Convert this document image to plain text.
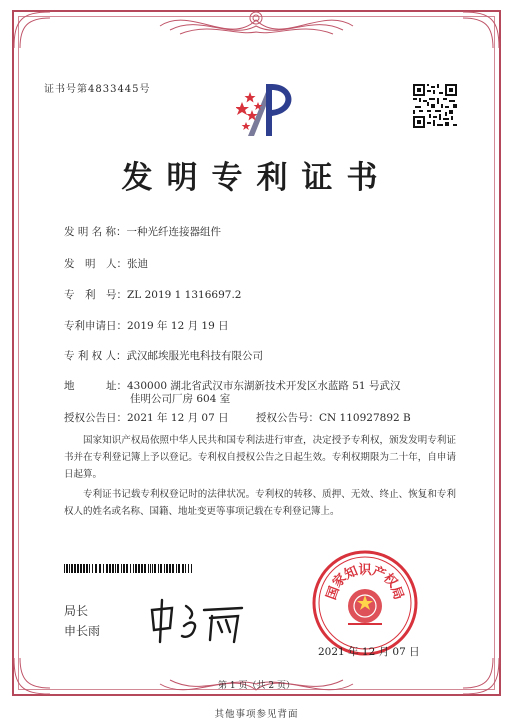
证书号第4833445号
发明专利证书
发 明 名 称：一种光纤连接器组件
发　明　人：张迪
专　利　号：ZL 2019 1 1316697.2
专利申请日：2019 年 12 月 19 日
专 利 权 人：武汉邮埃服光电科技有限公司
地　　　址：430000 湖北省武汉市东湖新技术开发区水蓝路 51 号武汉
佳明公司厂房 604 室
授权公告日：2021 年 12 月 07 日	授权公告号：CN 110927892 B
国家知识产权局依照中华人民共和国专利法进行审查，决定授予专利权，颁发发明专利证书并在专利登记簿上予以登记。专利权自授权公告之日起生效。专利权期限为二十年，自申请日起算。
专利证书记载专利权登记时的法律状况。专利权的转移、质押、无效、终止、恢复和专利权人的姓名或名称、国籍、地址变更等事项记载在专利登记簿上。
局长
申长雨
国
家
知
识
产
权
局
2021 年 12 月 07 日
第 1 页（共 2 页）
其他事项参见背面
